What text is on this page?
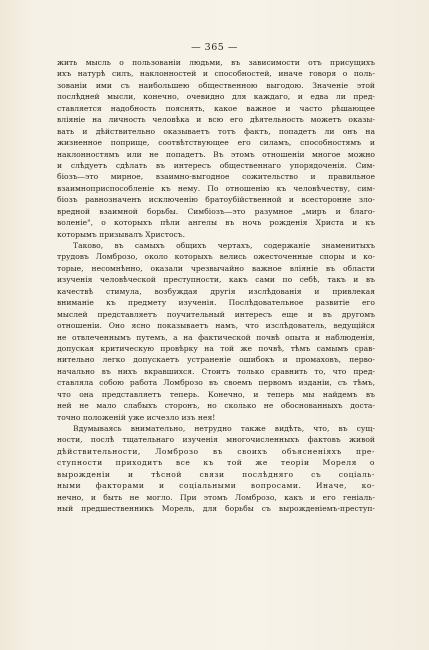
— 365 —
жить мысль о пользованіи людьми, въ зависимости отъ присущихъ
ихъ натурѣ силъ, наклонностей и способностей, иначе говоря о поль-
зованіи ими съ наибольшею общественною выгодою. Значеніе этой
послѣдней мысли, конечно, очевидно для каждаго, и едва ли пред-
ставляется надобность пояснять, какое важное и часто рѣшающее
вліяніе на личность человѣка и всю его дѣятельность можетъ оказы-
вать и дѣйствительно оказываетъ тотъ фактъ, попадетъ ли онъ на
жизненное поприще, соотвѣтствующее его силамъ, способностямъ и
наклонностямъ или не попадетъ. Въ этомъ отношеніи многое можно
и слѣдуетъ сдѣлать въ интересъ общественнаго упорядоченія. Сим-
біозъ—это мирное, взаимно-выгодное сожительство и правильное
взаимноприспособленіе къ нему. По отношенію къ человѣчеству, сим-
біозъ равнозначенъ исключенію братоубійственной и всесторонне зло-
вредной взаимной борьбы. Симбіозъ—это разумное „миръ и благо-
воленіе", о которыхъ пѣли ангелы въ ночь рожденія Христа и къ
которымъ призывалъ Христосъ.
Таково, въ самыхъ общихъ чертахъ, содержаніе знаменитыхъ
трудовъ Ломброзо, около которыхъ велись ожесточенные споры и ко-
торые, несомнѣнно, оказали чрезвычайно важное вліяніе въ области
изученія человѣческой преступности, какъ сами по себѣ, такъ и въ
качествѣ стимула, возбуждая другія изслѣдованія и привлекая
вниманіе къ предмету изученія. Послѣдовательное развитіе его
мыслей представляетъ поучительный интересъ еще и въ другомъ
отношеніи. Оно ясно показываетъ намъ, что изслѣдователь, ведущійся
не отвлеченнымъ путемъ, а на фактической почвѣ опыта и наблюденія,
допуская критическую провѣрку на той же почвѣ, тѣмъ самымъ срав-
нительно легко допускаетъ устраненіе ошибокъ и промаховъ, перво-
начально въ нихъ вкравшихся. Стоитъ только сравнить то, что пред-
ставляла собою работа Ломброзо въ своемъ первомъ изданіи, съ тѣмъ,
что она представляетъ теперь. Конечно, и теперь мы найдемъ въ
ней не мало слабыхъ сторонъ, но сколько не обоснованныхъ доста-
точно положеній уже исчезло изъ нея!
Вдумываясь внимательно, нетрудно также видѣть, что, въ сущ-
ности, послѣ тщательнаго изученія многочисленныхъ фактовъ живой
дѣйствительности, Ломброзо въ своихъ объясненіяхъ пре-
ступности приходитъ все къ той же теоріи Мореля о
вырожденіи и тѣсной связи послѣдняго съ соціаль-
ными факторами и соціальными вопросами. Иначе, ко-
нечно, и быть не могло. При этомъ Ломброзо, какъ и его геніаль-
ный предшественникъ Морель, для борьбы съ вырожденіемъ-преступ-
